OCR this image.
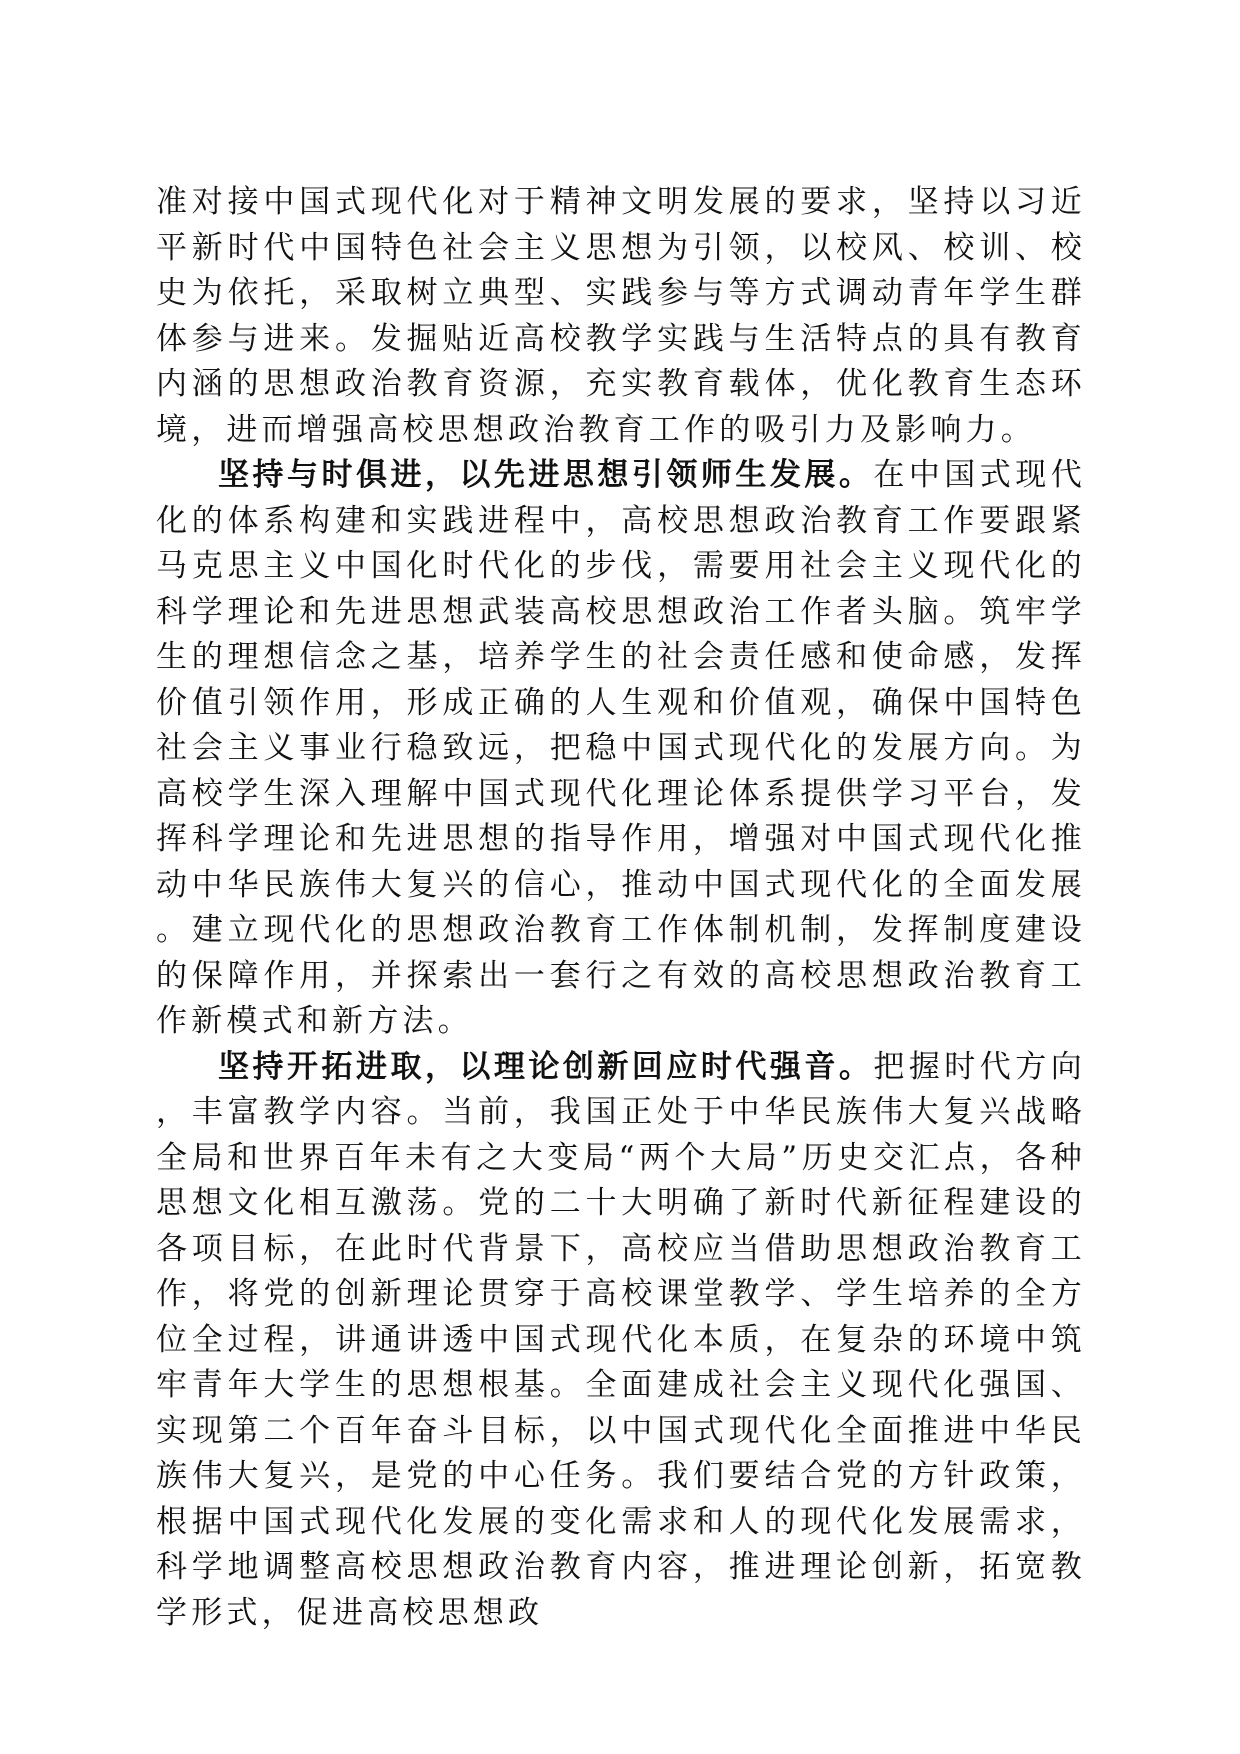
准对接中国式现代化对于精神文明发展的要求，坚持以习近平新时代中国特色社会主义思想为引领，以校风、校训、校史为依托，采取树立典型、实践参与等方式调动青年学生群体参与进来。发掘贴近高校教学实践与生活特点的具有教育内涵的思想政治教育资源，充实教育载体，优化教育生态环境，进而增强高校思想政治教育工作的吸引力及影响力。

坚持与时俱进，以先进思想引领师生发展。在中国式现代化的体系构建和实践进程中，高校思想政治教育工作要跟紧马克思主义中国化时代化的步伐，需要用社会主义现代化的科学理论和先进思想武装高校思想政治工作者头脑。筑牢学生的理想信念之基，培养学生的社会责任感和使命感，发挥价值引领作用，形成正确的人生观和价值观，确保中国特色社会主义事业行稳致远，把稳中国式现代化的发展方向。为高校学生深入理解中国式现代化理论体系提供学习平台，发挥科学理论和先进思想的指导作用，增强对中国式现代化推动中华民族伟大复兴的信心，推动中国式现代化的全面发展。建立现代化的思想政治教育工作体制机制，发挥制度建设的保障作用，并探索出一套行之有效的高校思想政治教育工作新模式和新方法。

坚持开拓进取，以理论创新回应时代强音。把握时代方向，丰富教学内容。当前，我国正处于中华民族伟大复兴战略全局和世界百年未有之大变局“两个大局”历史交汇点，各种思想文化相互激荡。党的二十大明确了新时代新征程建设的各项目标，在此时代背景下，高校应当借助思想政治教育工作，将党的创新理论贯穿于高校课堂教学、学生培养的全方位全过程，讲通讲透中国式现代化本质，在复杂的环境中筑牢青年大学生的思想根基。全面建成社会主义现代化强国、实现第二个百年奋斗目标，以中国式现代化全面推进中华民族伟大复兴，是党的中心任务。我们要结合党的方针政策，根据中国式现代化发展的变化需求和人的现代化发展需求，科学地调整高校思想政治教育内容，推进理论创新，拓宽教学形式，促进高校思想政
